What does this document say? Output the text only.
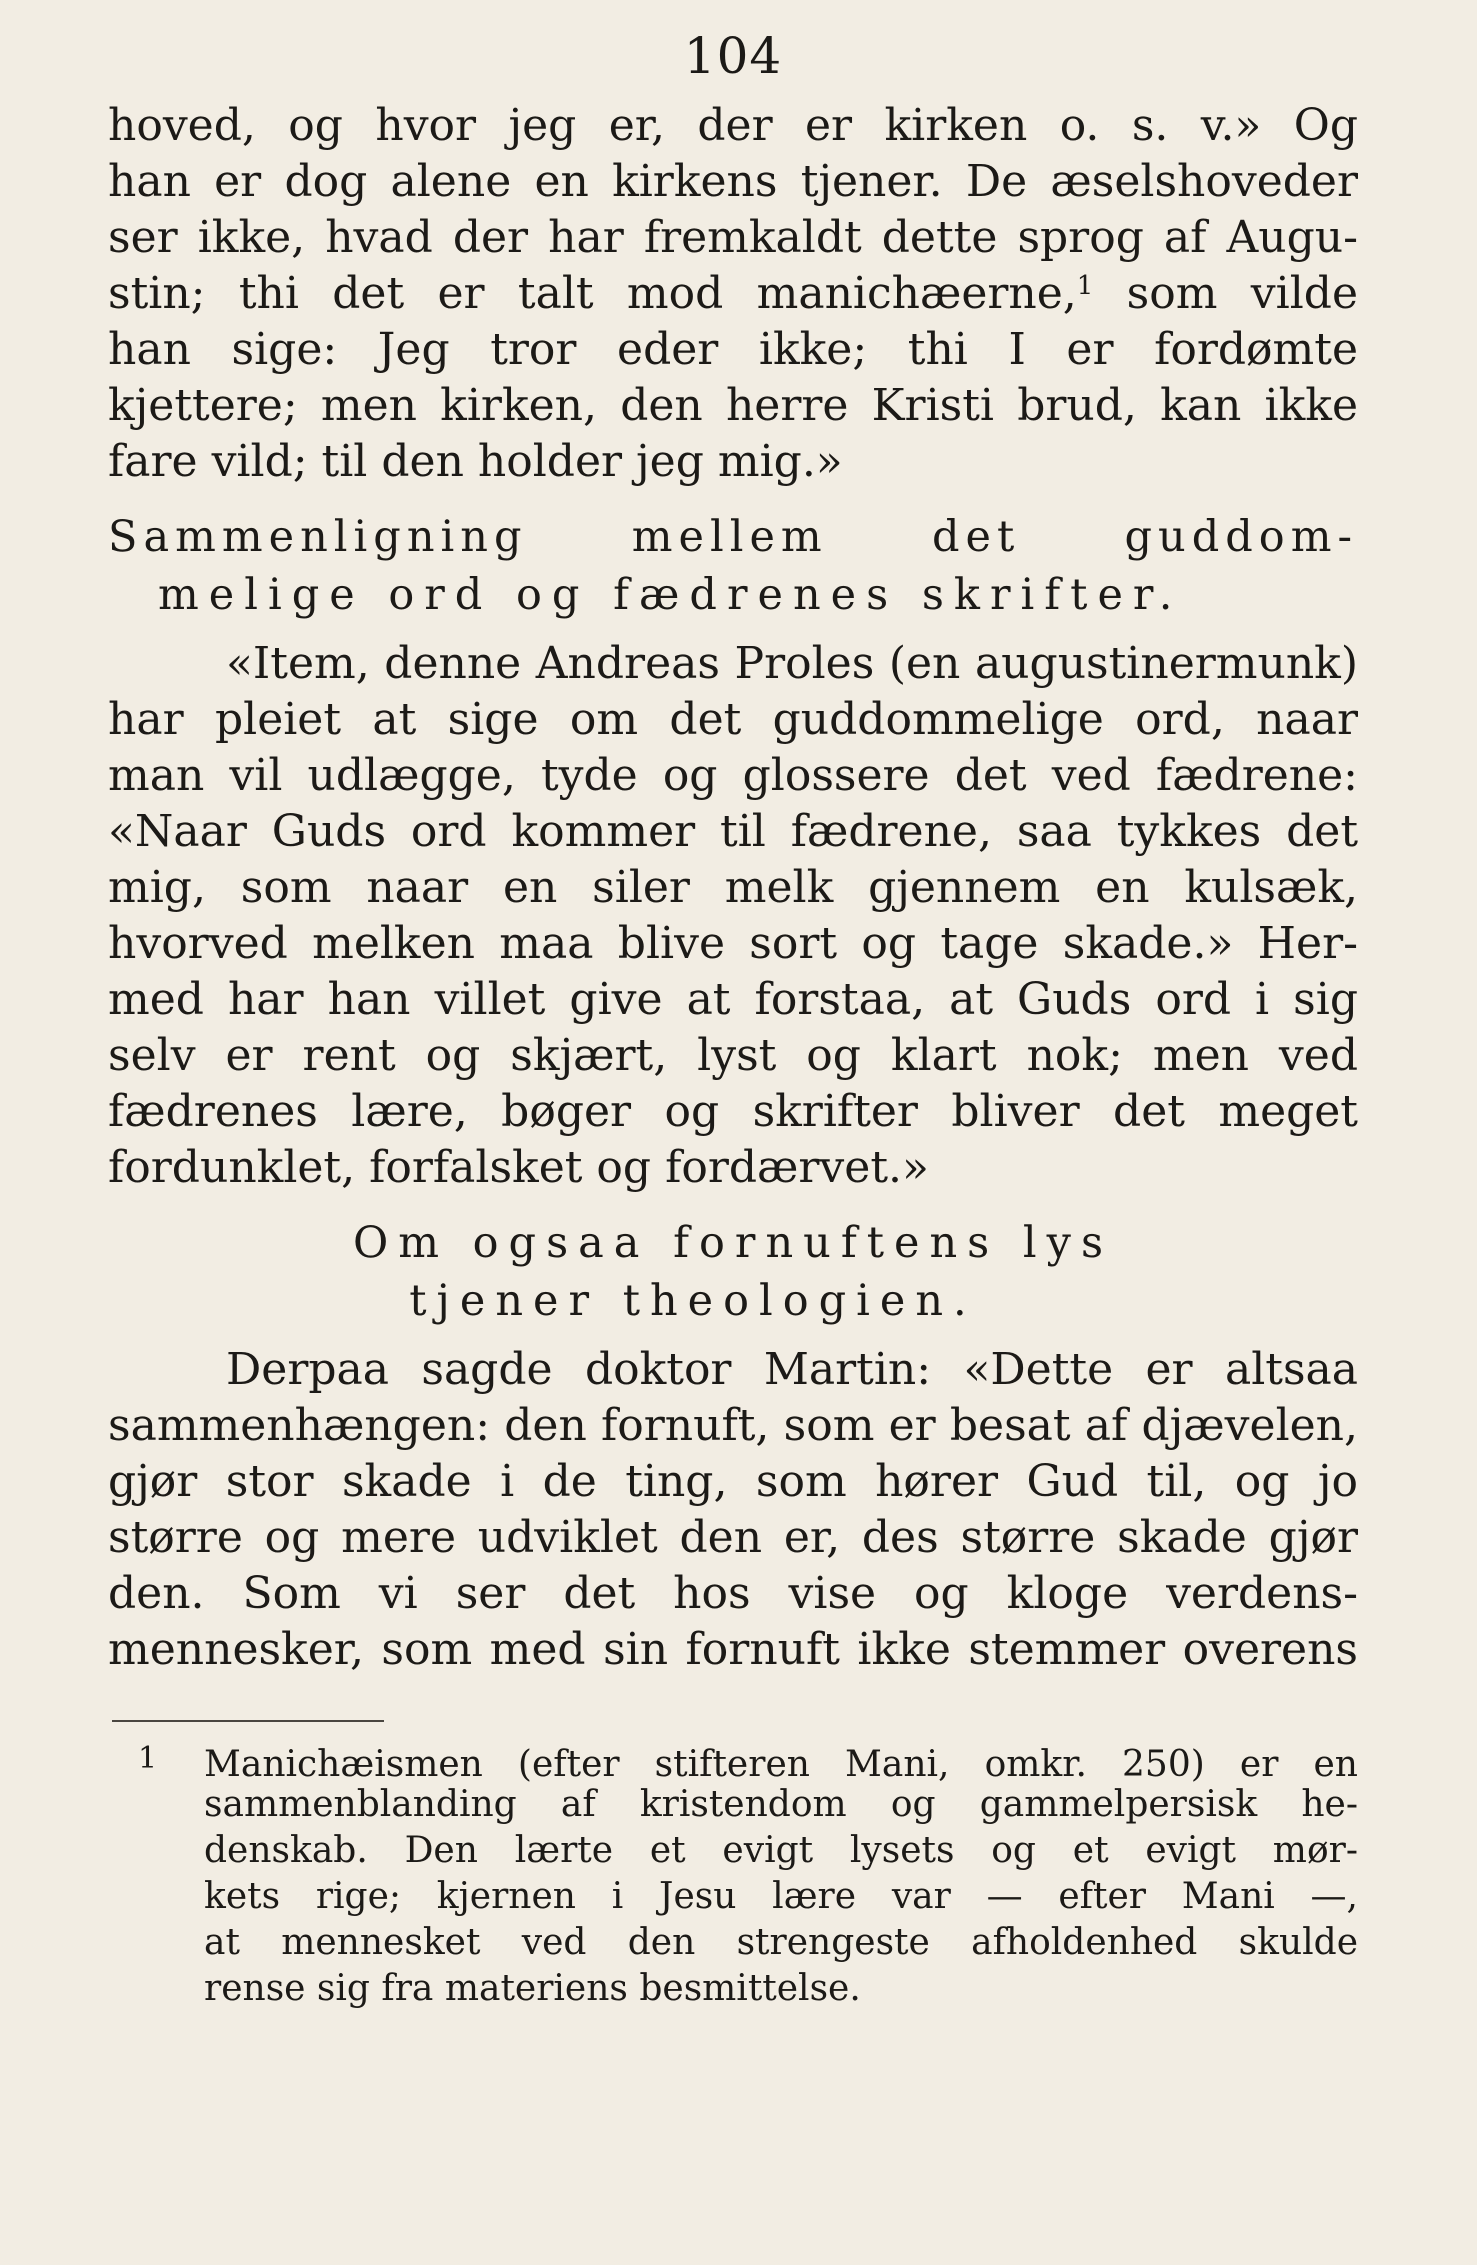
104
hoved, og hvor jeg er, der er kirken o. s. v.» Og
han er dog alene en kirkens tjener. De æselshoveder
ser ikke, hvad der har fremkaldt dette sprog af Augu-
stin; thi det er talt mod manichæerne,$^1$ som vilde
han sige: Jeg tror eder ikke; thi I er fordømte
kjettere; men kirken, den herre Kristi brud, kan ikke
fare vild; til den holder jeg mig.»
Sammenligning mellem det guddom-
melige ord og fædrenes skrifter.
«Item, denne Andreas Proles (en augustinermunk)
har pleiet at sige om det guddommelige ord, naar
man vil udlægge, tyde og glossere det ved fædrene:
«Naar Guds ord kommer til fædrene, saa tykkes det
mig, som naar en siler melk gjennem en kulsæk,
hvorved melken maa blive sort og tage skade.» Her-
med har han villet give at forstaa, at Guds ord i sig
selv er rent og skjært, lyst og klart nok; men ved
fædrenes lære, bøger og skrifter bliver det meget
fordunklet, forfalsket og fordærvet.»
Om ogsaa fornuftens lys
tjener theologien.
Derpaa sagde doktor Martin: «Dette er altsaa
sammenhængen: den fornuft, som er besat af djævelen,
gjør stor skade i de ting, som hører Gud til, og jo
større og mere udviklet den er, des større skade gjør
den. Som vi ser det hos vise og kloge verdens-
mennesker, som med sin fornuft ikke stemmer overens
1 Manichæismen (efter stifteren Mani, omkr. 250) er en
sammenblanding af kristendom og gammelpersisk he-
denskab. Den lærte et evigt lysets og et evigt mør-
kets rige; kjernen i Jesu lære var — efter Mani —,
at mennesket ved den strengeste afholdenhed skulde
rense sig fra materiens besmittelse.
